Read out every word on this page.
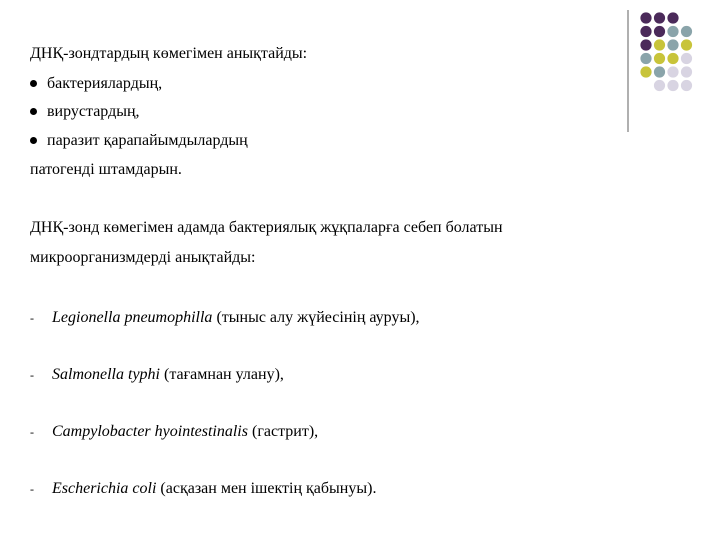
ДНҚ-зондтардың көмегімен анықтайды:
бактериялардың,
вирустардың,
паразит қарапайымдылардың
патогенді штамдарын.
ДНҚ-зонд көмегімен адамда бактериялық жұқпаларға себеп болатын
микроорганизмдерді анықтайды:
- Legionella pneumophilla (тыныс алу жүйесінің ауруы),
- Salmonella typhi (тағамнан улану),
- Campylobacter hyointestinalis (гастрит),
- Escherichia coli (асқазан мен ішектің қабынуы).
